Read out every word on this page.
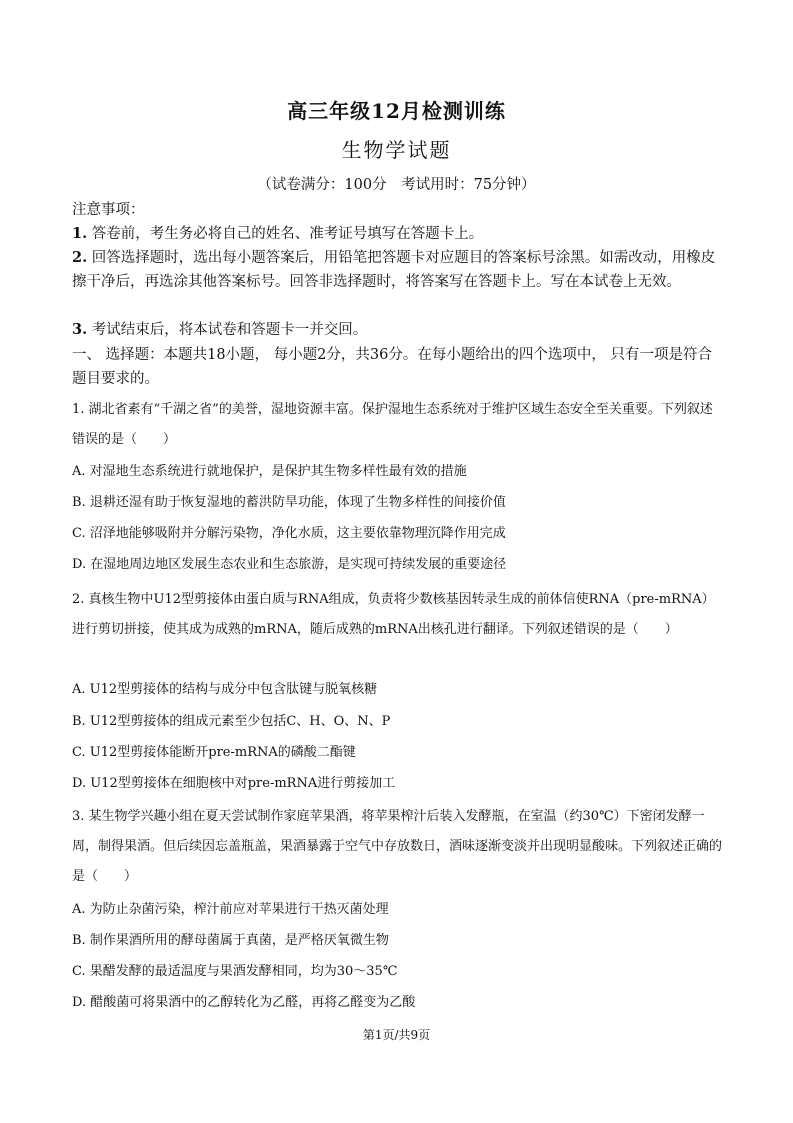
高三年级12月检测训练
生物学试题
（试卷满分：100分　考试用时：75分钟）
注意事项：
1. 答卷前，考生务必将自己的姓名、准考证号填写在答题卡上。
2. 回答选择题时，选出每小题答案后，用铅笔把答题卡对应题目的答案标号涂黑。如需改动，用橡皮擦干净后，再选涂其他答案标号。回答非选择题时，将答案写在答题卡上。写在本试卷上无效。
3. 考试结束后，将本试卷和答题卡一并交回。
一、 选择题：本题共18小题， 每小题2分，共36分。在每小题给出的四个选项中， 只有一项是符合题目要求的。
1. 湖北省素有“千湖之省”的美誉，湿地资源丰富。保护湿地生态系统对于维护区域生态安全至关重要。下列叙述错误的是（　　）
A. 对湿地生态系统进行就地保护，是保护其生物多样性最有效的措施
B. 退耕还湿有助于恢复湿地的蓄洪防旱功能，体现了生物多样性的间接价值
C. 沼泽地能够吸附并分解污染物，净化水质，这主要依靠物理沉降作用完成
D. 在湿地周边地区发展生态农业和生态旅游，是实现可持续发展的重要途径
2. 真核生物中U12型剪接体由蛋白质与RNA组成，负责将少数核基因转录生成的前体信使RNA（pre-mRNA）进行剪切拼接，使其成为成熟的mRNA，随后成熟的mRNA出核孔进行翻译。下列叙述错误的是（　　）
A. U12型剪接体的结构与成分中包含肽键与脱氧核糖
B. U12型剪接体的组成元素至少包括C、H、O、N、P
C. U12型剪接体能断开pre-mRNA的磷酸二酯键
D. U12型剪接体在细胞核中对pre-mRNA进行剪接加工
3. 某生物学兴趣小组在夏天尝试制作家庭苹果酒，将苹果榨汁后装入发酵瓶，在室温（约30℃）下密闭发酵一周，制得果酒。但后续因忘盖瓶盖，果酒暴露于空气中存放数日，酒味逐渐变淡并出现明显酸味。下列叙述正确的是（　　）
A. 为防止杂菌污染，榨汁前应对苹果进行干热灭菌处理
B. 制作果酒所用的酵母菌属于真菌，是严格厌氧微生物
C. 果醋发酵的最适温度与果酒发酵相同，均为30～35℃
D. 醋酸菌可将果酒中的乙醇转化为乙醛，再将乙醛变为乙酸
第1页/共9页
